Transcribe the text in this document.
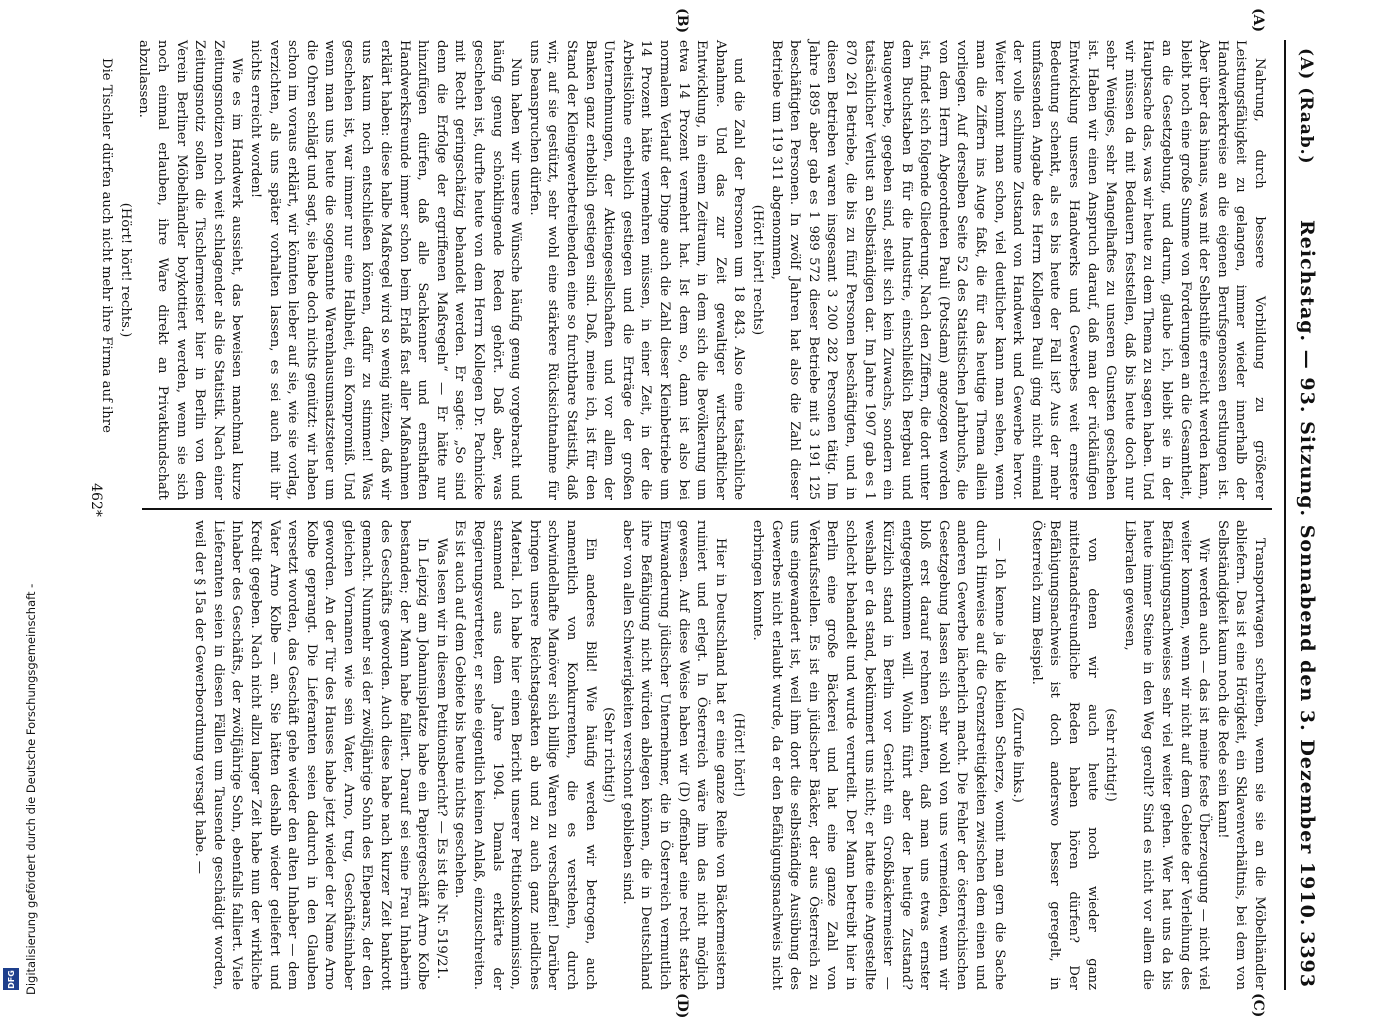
(A) (Raab.)
Reichstag. — 93. Sitzung. Sonnabend den 3. Dezember 1910.
3393
(A)
(B)
(C)
(D)

Nahrung, durch bessere Vorbildung zu größerer Leistungsfähigkeit zu gelangen, immer wieder innerhalb der Handwerkerkreise an die eigenen Berufsgenossen erstlungen ist. Aber über das hinaus, was mit der Selbsthilfe erreicht werden kann, bleibt noch eine große Summe von Forderungen an die Gesamtheit, an die Gesetzgebung, und darum, glaube ich, bleibt sie in der Hauptsache das, was wir heute zu dem Thema zu sagen haben. Und wir müssen da mit Bedauern feststellen, daß bis heute doch nur sehr Weniges, sehr Mangelhaftes zu unseren Gunsten geschehen ist. Haben wir einen Anspruch darauf, daß man der rückläufigen Entwicklung unseres Handwerks und Gewerbes weit ernstere Bedeutung schenkt, als es bis heute der Fall ist? Aus der mehr umfassenden Angabe des Herrn Kollegen Pauli ging nicht einmal der volle schlimme Zustand von Handwerk und Gewerbe hervor. Weiter kommt man schon, viel deutlicher kann man sehen, wenn man die Ziffern ins Auge faßt, die für das heutige Thema allein vorliegen. Auf derselben Seite 52 des Statistischen Jahrbuchs, die von dem Herrn Abgeordneten Pauli (Potsdam) angezogen worden ist, findet sich folgende Gliederung. Nach den Ziffern, die dort unter dem Buchstaben B für die Industrie, einschließlich Bergbau und Baugewerbe, gegeben sind, stellt sich kein Zuwachs, sondern ein tatsächlicher Verlust an Selbständigen dar. Im Jahre 1907 gab es 1 870 261 Betriebe, die bis zu fünf Personen beschäftigten, und in diesen Betrieben waren insgesamt 3 200 282 Personen tätig. Im Jahre 1895 aber gab es 1 989 572 dieser Betriebe mit 3 191 125 beschäftigten Personen. In zwölf Jahren hat also die Zahl dieser Betriebe um 119 311 abgenommen,

(Hört! hört! rechts)

und die Zahl der Personen um 18 843. Also eine tatsächliche Abnahme. Und das zur Zeit gewaltiger wirtschaftlicher Entwicklung, in einem Zeitraum, in dem sich die Bevölkerung um etwa 14 Prozent vermehrt hat. Ist dem so, dann ist also bei normalem Verlauf der Dinge auch die Zahl dieser Kleinbetriebe um 14 Prozent hätte vermehren müssen, in einer Zeit, in der die Arbeitslöhne erheblich gestiegen und die Erträge der großen Unternehmungen, der Aktiengesellschaften und vor allem der Banken ganz erheblich gestiegen sind. Daß, meine ich, ist für den Stand der Kleingewerbetreibenden eine so furchtbare Statistik, daß wir, auf sie gestützt, sehr wohl eine stärkere Rücksichtnahme für uns beanspruchen dürfen.

Nun haben wir unsere Wünsche häufig genug vorgebracht und häufig genug schönklingende Reden gehört. Daß aber, was geschehen ist, durfte heute von dem Herrn Kollegen Dr. Pachnicke mit Recht geringschätzig behandelt werden. Er sagte: „So sind denn die Erfolge der ergriffenen Maßregeln“ — Er hätte nur hinzufügen dürfen, daß alle Sachkenner und ernsthaften Handwerksfreunde immer schon beim Erlaß fast aller Maßnahmen erklärt haben: diese halbe Maßregel wird so wenig nützen, daß wir uns kaum noch entschließen können, dafür zu stimmen! Was geschehen ist, war immer nur eine Halbheit, ein Kompromiß. Und wenn man uns heute die sogenannte Warenhausumsatzsteuer um die Ohren schlägt und sagt, sie habe doch nichts genützt: wir haben schon im voraus erklärt, wir könnten lieber auf sie, wie sie vorlag, verzichten, als uns später vorhalten lassen, es sei auch mit ihr nichts erreicht worden!

Wie es im Handwerk aussieht, das beweisen manchmal kurze Zeitungsnotizen noch weit schlagender als die Statistik. Nach einer Zeitungsnotiz sollen die Tischlermeister hier in Berlin von dem Verein Berliner Möbelhändler boykottiert werden, wenn sie sich noch einmal erlauben, ihre Ware direkt an Privatkundschaft abzulassen.

(Hört! hört! rechts.)

Die Tischler dürfen auch nicht mehr ihre Firma auf ihre

Transportwagen schreiben, wenn sie sie an die Möbelhändler abliefern. Das ist eine Hörigkeit, ein Sklavenverhältnis, bei dem von Selbständigkeit kaum noch die Rede sein kann!

Wir werden auch — das ist meine feste Überzeugung — nicht viel weiter kommen, wenn wir nicht auf dem Gebiete der Verleihung des Befähigungsnachweises sehr viel weiter gehen. Wer hat uns da bis heute immer Steine in den Weg gerollt? Sind es nicht vor allem die Liberalen gewesen,

(sehr richtig!)

von denen wir auch heute noch wieder ganz mittelstandsfreundliche Reden haben hören dürfen? Der Befähigungsnachweis ist doch anderswo besser geregelt, in Österreich zum Beispiel.

(Zurufe links.)

— Ich kenne ja die kleinen Scherze, womit man gern die Sache durch Hinweise auf die Grenzstreitigkeiten zwischen dem einen und anderen Gewerbe lächerlich macht. Die Fehler der österreichischen Gesetzgebung lassen sich sehr wohl von uns vermeiden, wenn wir bloß erst darauf rechnen könnten, daß man uns etwas ernster entgegenkommen will. Wohin führt aber der heutige Zustand? Kürzlich stand in Berlin vor Gericht ein Großbäckermeister — weshalb er da stand, bekümmert uns nicht; er hatte eine Angestellte schlecht behandelt und wurde verurteilt. Der Mann betreibt hier in Berlin eine große Bäckerei und hat eine ganze Zahl von Verkaufsstellen. Es ist ein jüdischer Bäcker, der aus Österreich zu uns eingewandert ist, weil ihm dort die selbständige Ausübung des Gewerbes nicht erlaubt wurde, da er den Befähigungsnachweis nicht erbringen konnte.

(Hört! hört!)

Hier in Deutschland hat er eine ganze Reihe von Bäckermeistern ruiniert und erlegt. In Österreich wäre ihm das nicht möglich gewesen. Auf diese Weise haben wir (D) offenbar eine recht starke Einwanderung jüdischer Unternehmer, die in Österreich vermutlich ihre Befähigung nicht würden ablegen können, die in Deutschland aber von allen Schwierigkeiten verschont geblieben sind.

(Sehr richtig!)

Ein anderes Bild! Wie häufig werden wir betrogen, auch namentlich von Konkurrenten, die es verstehen, durch schwindelhafte Manöver sich billige Waren zu verschaffen! Darüber bringen unsere Reichstagsakten ab und zu auch ganz niedliches Material. Ich habe hier einen Bericht unserer Petitionskommission, stammend aus dem Jahre 1904. Damals erklärte der Regierungsvertreter, er sehe eigentlich keinen Anlaß, einzuschreiten. Es ist auch auf dem Gebiete bis heute nichts geschehen.

Was lesen wir in diesem Petitionsbericht? — Es ist die Nr. 519/21.

In Leipzig am Johannisplatze habe ein Papiergeschäft Arno Kolbe bestanden; der Mann habe falliert. Darauf sei seine Frau Inhaberin des Geschäfts geworden. Auch diese habe nach kurzer Zeit bankrott gemacht. Nunmehr sei der zwölfjährige Sohn des Ehepaars, der den gleichen Vornamen wie sein Vater, Arno, trug, Geschäftsinhaber geworden. An der Tür des Hauses habe jetzt wieder der Name Arno Kolbe geprangt. Die Lieferanten seien dadurch in den Glauben versetzt worden, das Geschäft gehe wieder den alten Inhaber — dem Vater Arno Kolbe — an. Sie hätten deshalb wieder geliefert und Kredit gegeben. Nach nicht allzu langer Zeit habe nun der wirkliche Inhaber des Geschäfts, der zwölfjährige Sohn, ebenfalls falliert. Viele Lieferanten seien in diesen Fällen um Tausende geschädigt worden, weil der § 15a der Gewerbeordnung versagt habe. —

462*
Digitalisierung gefördert durch die Deutsche Forschungsgemeinschaft -
DFG
